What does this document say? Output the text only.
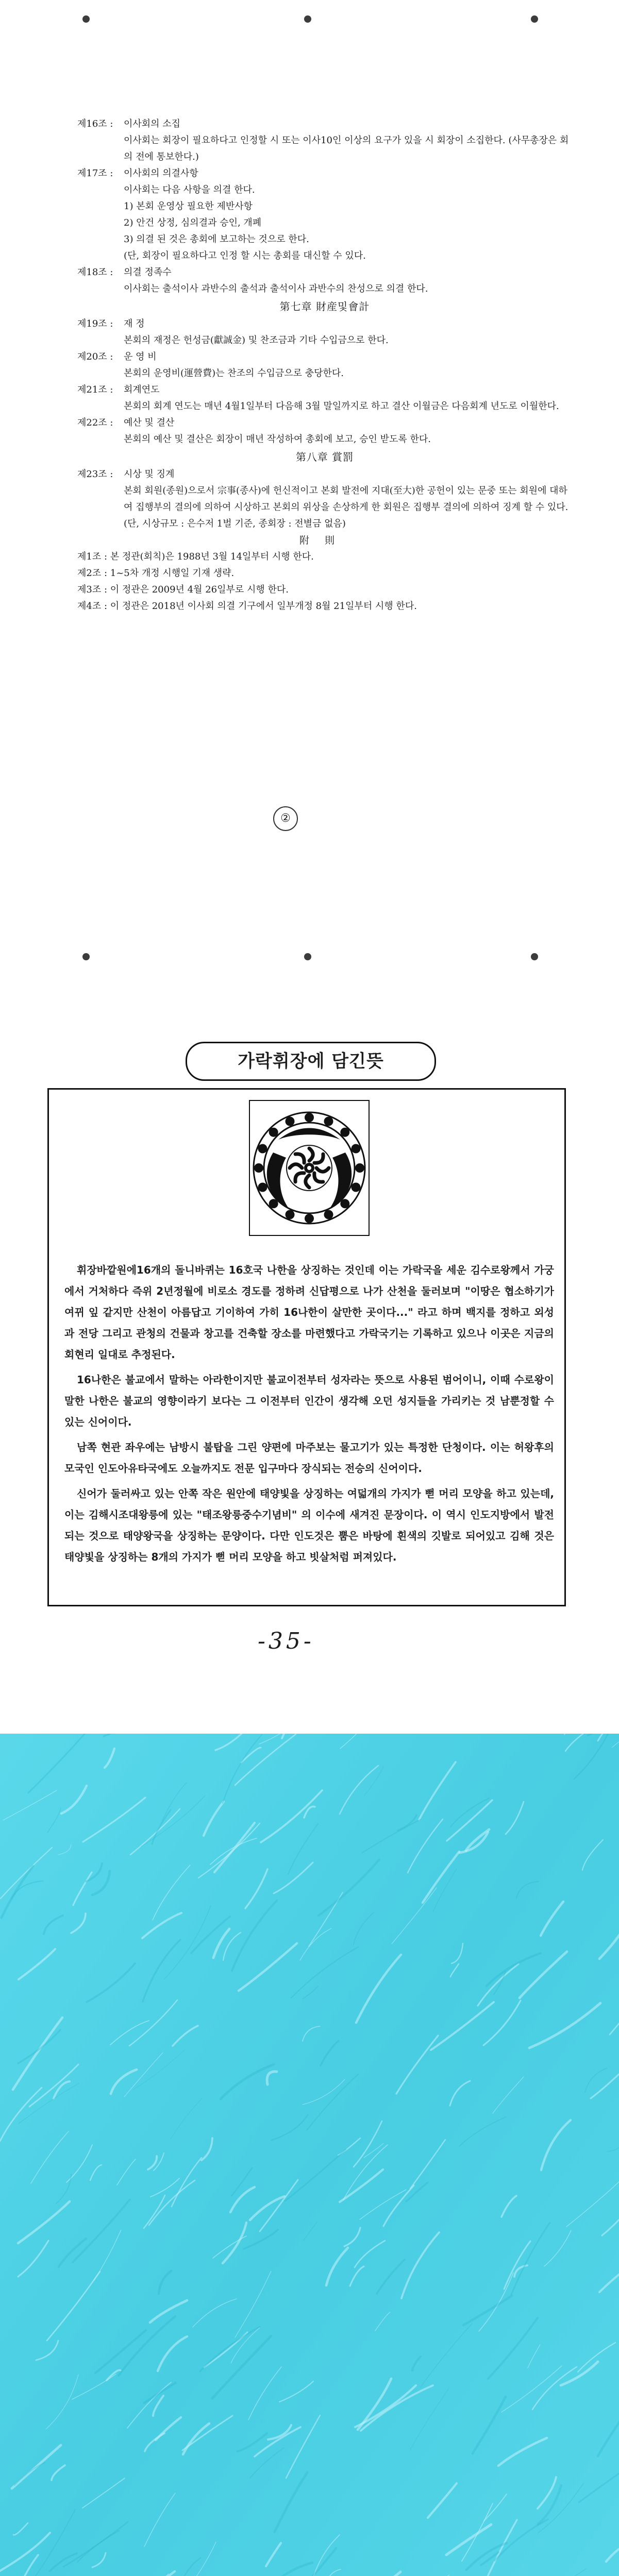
제16조 :	이사회의 소집
이사회는 회장이 필요하다고 인정할 시 또는 이사10인 이상의 요구가 있을 시 회장이 소집한다. (사무총장은 회의 전에 통보한다.)
제17조 :	이사회의 의결사항
이사회는 다음 사항을 의결 한다.
1) 본회 운영상 필요한 제반사항
2) 안건 상정, 심의결과 승인, 개폐
3) 의결 된 것은 총회에 보고하는 것으로 한다.
(단, 회장이 필요하다고 인정 할 시는 총회를 대신할 수 있다.
제18조 :	의결 정족수
이사회는 출석이사 과반수의 출석과 출석이사 과반수의 찬성으로 의결 한다.
第七章 財産및會計
제19조 :	재 정
본회의 재정은 헌성금(獻誠金) 및 찬조금과 기타 수입금으로 한다.
제20조 :	운 영 비
본회의 운영비(運營費)는 찬조의 수입금으로 충당한다.
제21조 :	회계연도
본회의 회계 연도는 매년 4월1일부터 다음해 3월 말일까지로 하고 결산 이월금은 다음회계 년도로 이월한다.
제22조 :	예산 및 결산
본회의 예산 및 결산은 회장이 매년 작성하여 총회에 보고, 승인 받도록 한다.
第八章 賞罰
제23조 :	시상 및 징계
본회 회원(종원)으로서 宗事(종사)에 헌신적이고 본회 발전에 지대(至大)한 공헌이 있는 문중 또는 회원에 대하여 집행부의 결의에 의하여 시상하고 본회의 위상을 손상하게 한 회원은 집행부 결의에 의하여 징계 할 수 있다.
(단, 시상규모 : 은수저 1벌 기준, 종회장 : 전별금 없음)
附則
제1조 : 본 정관(회칙)은 1988년 3월 14일부터 시행 한다.
제2조 : 1~5차 개정 시행일 기재 생략.
제3조 : 이 정관은 2009년 4월 26일부로 시행 한다.
제4조 : 이 정관은 2018년 이사회 의결 기구에서 일부개정 8월 21일부터 시행 한다.
②
가락휘장에 담긴뜻

휘장바깥원에16개의 돌니바퀴는 16호국 나한을 상징하는 것인데 이는 가락국을 세운 김수로왕께서 가궁에서 거처하다 즉위 2년정월에 비로소 경도를 정하려 신답평으로 나가 산천을 둘러보며 "이땅은 협소하기가 여뀌 잎 같지만 산천이 아름답고 기이하여 가히 16나한이 살만한 곳이다..." 라고 하며 백지를 정하고 외성과 전당 그리고 관청의 건물과 창고를 건축할 장소를 마련했다고 가락국기는 기록하고 있으나 이곳은 지금의 회현리 일대로 추정된다.

16나한은 불교에서 말하는 아라한이지만 불교이전부터 성자라는 뜻으로 사용된 범어이니, 이때 수로왕이 말한 나한은 불교의 영향이라기 보다는 그 이전부터 인간이 생각해 오던 성지들을 가리키는 것 남뿐정할 수 있는 신어이다.

남쪽 현관 좌우에는 남방시 불탑을 그린 양편에 마주보는 물고기가 있는 특정한 단청이다. 이는 허왕후의 모국인 인도아유타국에도 오늘까지도 전문 입구마다 장식되는 전승의 신어이다.

신어가 둘러싸고 있는 안쪽 작은 원안에 태양빛을 상징하는 여덟개의 가지가 뻗 머리 모양을 하고 있는데, 이는 김해시조대왕릉에 있는 "태조왕릉중수기념비" 의 이수에 새겨진 문장이다. 이 역시 인도지방에서 발전되는 것으로 태양왕국을 상징하는 문양이다. 다만 인도것은 뿜은 바탕에 흰색의 깃발로 되어있고 김해 것은 태양빛을 상징하는 8개의 가지가 뻗 머리 모양을 하고 빗살처럼 퍼져있다.

-35-
